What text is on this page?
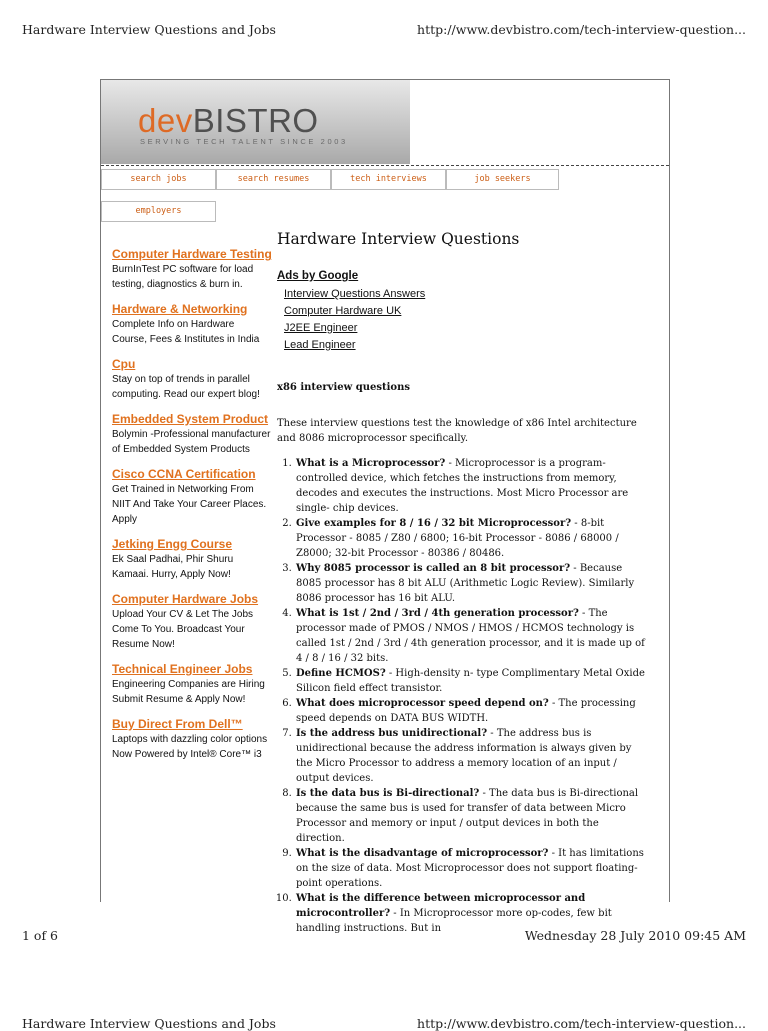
Hardware Interview Questions and Jobs	http://www.devbistro.com/tech-interview-question...
devBISTRO
SERVING TECH TALENT SINCE 2003
search jobs	search resumes	tech interviews	job seekers
employers
Computer Hardware Testing
BurnInTest PC software for load testing, diagnostics & burn in.
Hardware & Networking
Complete Info on Hardware Course, Fees & Institutes in India
Cpu
Stay on top of trends in parallel computing. Read our expert blog!
Embedded System Product
Bolymin -Professional manufacturer of Embedded System Products
Cisco CCNA Certification
Get Trained in Networking From NIIT And Take Your Career Places. Apply
Jetking Engg Course
Ek Saal Padhai, Phir Shuru Kamaai. Hurry, Apply Now!
Computer Hardware Jobs
Upload Your CV & Let The Jobs Come To You. Broadcast Your Resume Now!
Technical Engineer Jobs
Engineering Companies are Hiring Submit Resume & Apply Now!
Buy Direct From Dell™
Laptops with dazzling color options Now Powered by Intel® Core™ i3
Hardware Interview Questions
Ads by Google
Interview Questions Answers
Computer Hardware UK
J2EE Engineer
Lead Engineer
x86 interview questions
These interview questions test the knowledge of x86 Intel architecture and 8086 microprocessor specifically.
1. What is a Microprocessor? - Microprocessor is a program-controlled device, which fetches the instructions from memory, decodes and executes the instructions. Most Micro Processor are single- chip devices.
2. Give examples for 8 / 16 / 32 bit Microprocessor? - 8-bit Processor - 8085 / Z80 / 6800; 16-bit Processor - 8086 / 68000 / Z8000; 32-bit Processor - 80386 / 80486.
3. Why 8085 processor is called an 8 bit processor? - Because 8085 processor has 8 bit ALU (Arithmetic Logic Review). Similarly 8086 processor has 16 bit ALU.
4. What is 1st / 2nd / 3rd / 4th generation processor? - The processor made of PMOS / NMOS / HMOS / HCMOS technology is called 1st / 2nd / 3rd / 4th generation processor, and it is made up of 4 / 8 / 16 / 32 bits.
5. Define HCMOS? - High-density n- type Complimentary Metal Oxide Silicon field effect transistor.
6. What does microprocessor speed depend on? - The processing speed depends on DATA BUS WIDTH.
7. Is the address bus unidirectional? - The address bus is unidirectional because the address information is always given by the Micro Processor to address a memory location of an input / output devices.
8. Is the data bus is Bi-directional? - The data bus is Bi-directional because the same bus is used for transfer of data between Micro Processor and memory or input / output devices in both the direction.
9. What is the disadvantage of microprocessor? - It has limitations on the size of data. Most Microprocessor does not support floating-point operations.
10. What is the difference between microprocessor and microcontroller? - In Microprocessor more op-codes, few bit handling instructions. But in
1 of 6	Wednesday 28 July 2010 09:45 AM
Hardware Interview Questions and Jobs	http://www.devbistro.com/tech-interview-question...
